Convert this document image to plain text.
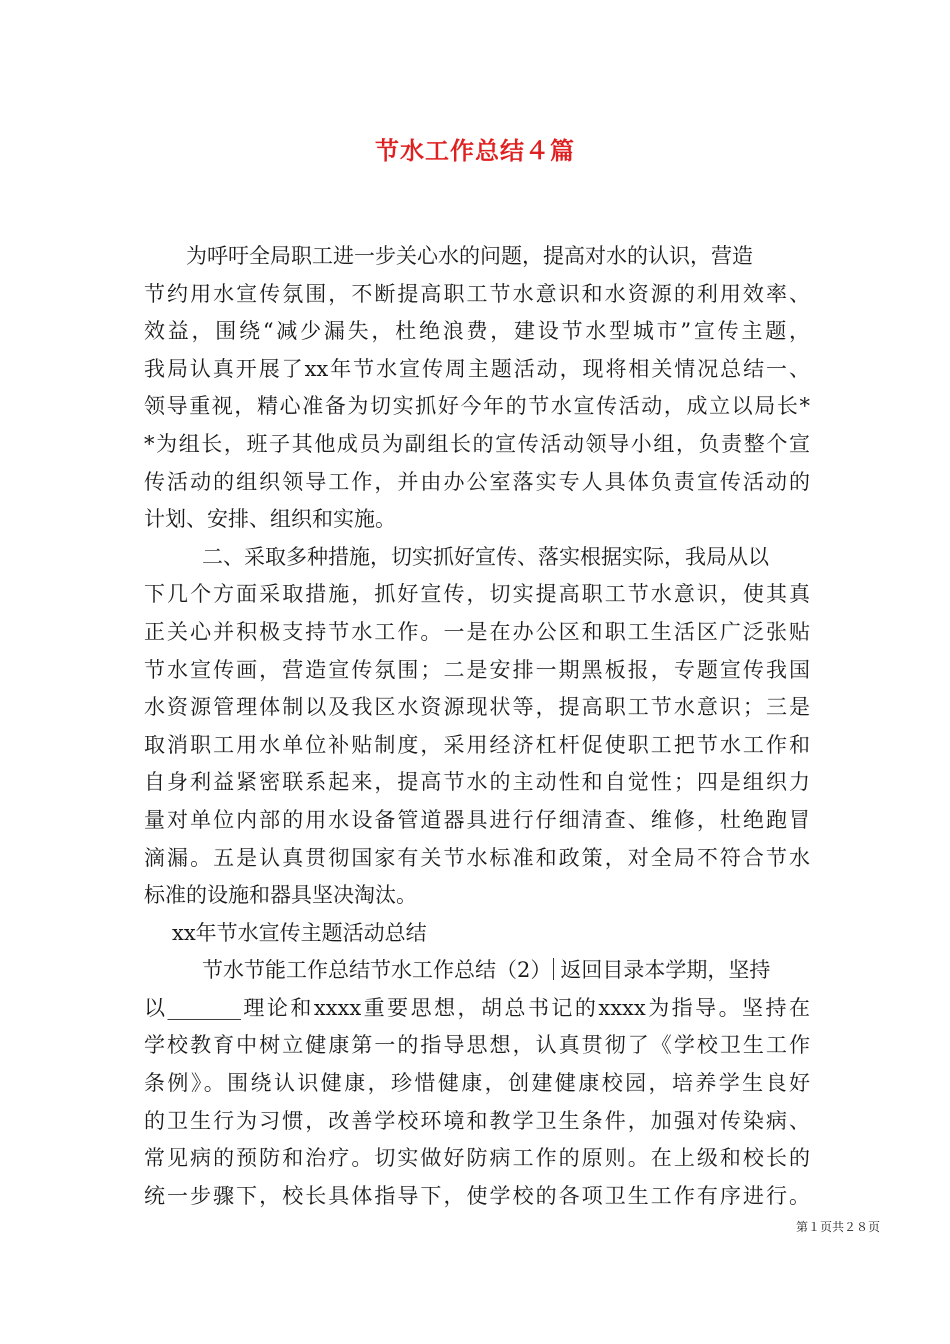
节水工作总结４篇
为呼吁全局职工进一步关心水的问题，提高对水的认识，营造
节约用水宣传氛围，不断提高职工节水意识和水资源的利用效率、
效益，围绕“减少漏失，杜绝浪费，建设节水型城市”宣传主题，
我局认真开展了xx年节水宣传周主题活动，现将相关情况总结一、
领导重视，精心准备为切实抓好今年的节水宣传活动，成立以局长*
*为组长，班子其他成员为副组长的宣传活动领导小组，负责整个宣
传活动的组织领导工作，并由办公室落实专人具体负责宣传活动的
计划、安排、组织和实施。
二、采取多种措施，切实抓好宣传、落实根据实际，我局从以
下几个方面采取措施，抓好宣传，切实提高职工节水意识，使其真
正关心并积极支持节水工作。一是在办公区和职工生活区广泛张贴
节水宣传画，营造宣传氛围；二是安排一期黑板报，专题宣传我国
水资源管理体制以及我区水资源现状等，提高职工节水意识；三是
取消职工用水单位补贴制度，采用经济杠杆促使职工把节水工作和
自身利益紧密联系起来，提高节水的主动性和自觉性；四是组织力
量对单位内部的用水设备管道器具进行仔细清查、维修，杜绝跑冒
滴漏。五是认真贯彻国家有关节水标准和政策，对全局不符合节水
标准的设施和器具坚决淘汰。
xx年节水宣传主题活动总结
节水节能工作总结节水工作总结（2） 返回目录本学期，坚持
以_______理论和xxxx重要思想，胡总书记的xxxx为指导。坚持在
学校教育中树立健康第一的指导思想，认真贯彻了《学校卫生工作
条例》。围绕认识健康，珍惜健康，创建健康校园，培养学生良好
的卫生行为习惯，改善学校环境和教学卫生条件，加强对传染病、
常见病的预防和治疗。切实做好防病工作的原则。在上级和校长的
统一步骤下，校长具体指导下，使学校的各项卫生工作有序进行。
第１页共２８页
